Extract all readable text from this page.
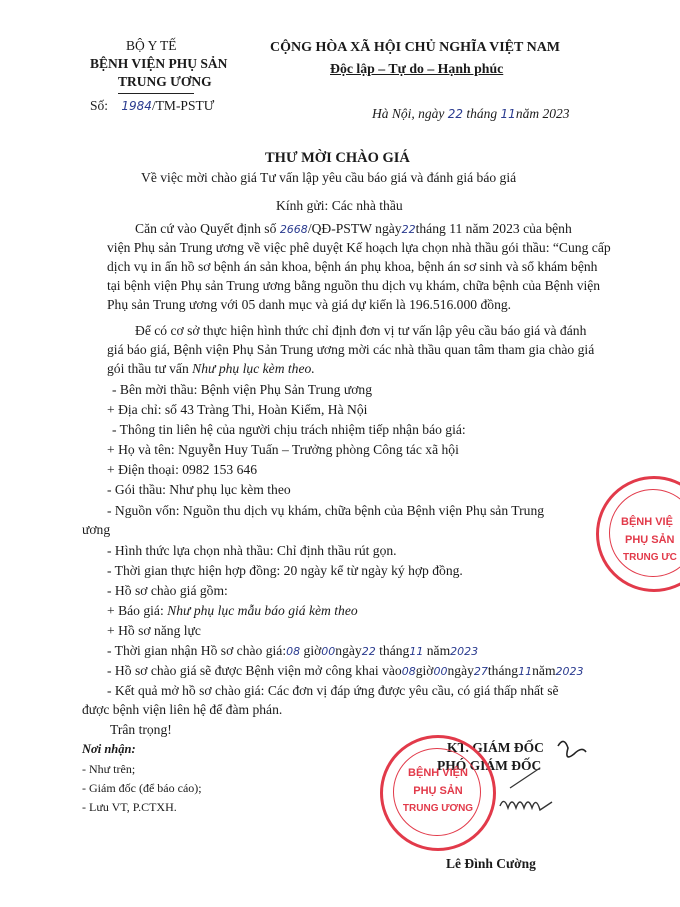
BỘ Y TẾ
BỆNH VIỆN PHỤ SẢN
TRUNG ƯƠNG
Số: 1984/TM-PSTƯ
CỘNG HÒA XÃ HỘI CHỦ NGHĨA VIỆT NAM
Độc lập – Tự do – Hạnh phúc
Hà Nội, ngày 22 tháng 11năm 2023
THƯ MỜI CHÀO GIÁ
Về việc mời chào giá Tư vấn lập yêu cầu báo giá và đánh giá báo giá
Kính gửi: Các nhà thầu
Căn cứ vào Quyết định số 2668/QĐ-PSTW ngày22tháng 11 năm 2023 của bệnh
viện Phụ sản Trung ương về việc phê duyệt Kế hoạch lựa chọn nhà thầu gói thầu: “Cung cấp
dịch vụ in ấn hồ sơ bệnh án sản khoa, bệnh án phụ khoa, bệnh án sơ sinh và sổ khám bệnh
tại bệnh viện Phụ sản Trung ương bằng nguồn thu dịch vụ khám, chữa bệnh của Bệnh viện
Phụ sản Trung ương với 05 danh mục và giá dự kiến là 196.516.000 đồng.
Để có cơ sở thực hiện hình thức chỉ định đơn vị tư vấn lập yêu cầu báo giá và đánh
giá báo giá, Bệnh viện Phụ Sản Trung ương mời các nhà thầu quan tâm tham gia chào giá
gói thầu tư vấn Như phụ lục kèm theo.
- Bên mời thầu: Bệnh viện Phụ Sản Trung ương
+ Địa chỉ: số 43 Tràng Thi, Hoàn Kiếm, Hà Nội
- Thông tin liên hệ của người chịu trách nhiệm tiếp nhận báo giá:
+ Họ và tên: Nguyễn Huy Tuấn – Trưởng phòng Công tác xã hội
+ Điện thoại: 0982 153 646
- Gói thầu: Như phụ lục kèm theo
- Nguồn vốn: Nguồn thu dịch vụ khám, chữa bệnh của Bệnh viện Phụ sản Trung
ương
- Hình thức lựa chọn nhà thầu: Chỉ định thầu rút gọn.
- Thời gian thực hiện hợp đồng: 20 ngày kể từ ngày ký hợp đồng.
- Hồ sơ chào giá gồm:
+ Báo giá: Như phụ lục mẫu báo giá kèm theo
+ Hồ sơ năng lực
- Thời gian nhận Hồ sơ chào giá:08 giờ00ngày22 tháng11 năm2023
- Hồ sơ chào giá sẽ được Bệnh viện mở công khai vào08giờ00ngày27tháng11năm2023
- Kết quả mở hồ sơ chào giá: Các đơn vị đáp ứng được yêu cầu, có giá thấp nhất sẽ
được bệnh viện liên hệ để đàm phán.
Trân trọng!
Nơi nhận:
- Như trên;
- Giám đốc (để báo cáo);
- Lưu VT, P.CTXH.
KT. GIÁM ĐỐC
PHÓ GIÁM ĐỐC
Lê Đình Cường
BỆNH VIỆN
PHỤ SẢN
TRUNG ƯƠNG
BỆNH VIỆ
PHỤ SẢN
TRUNG ƯC
